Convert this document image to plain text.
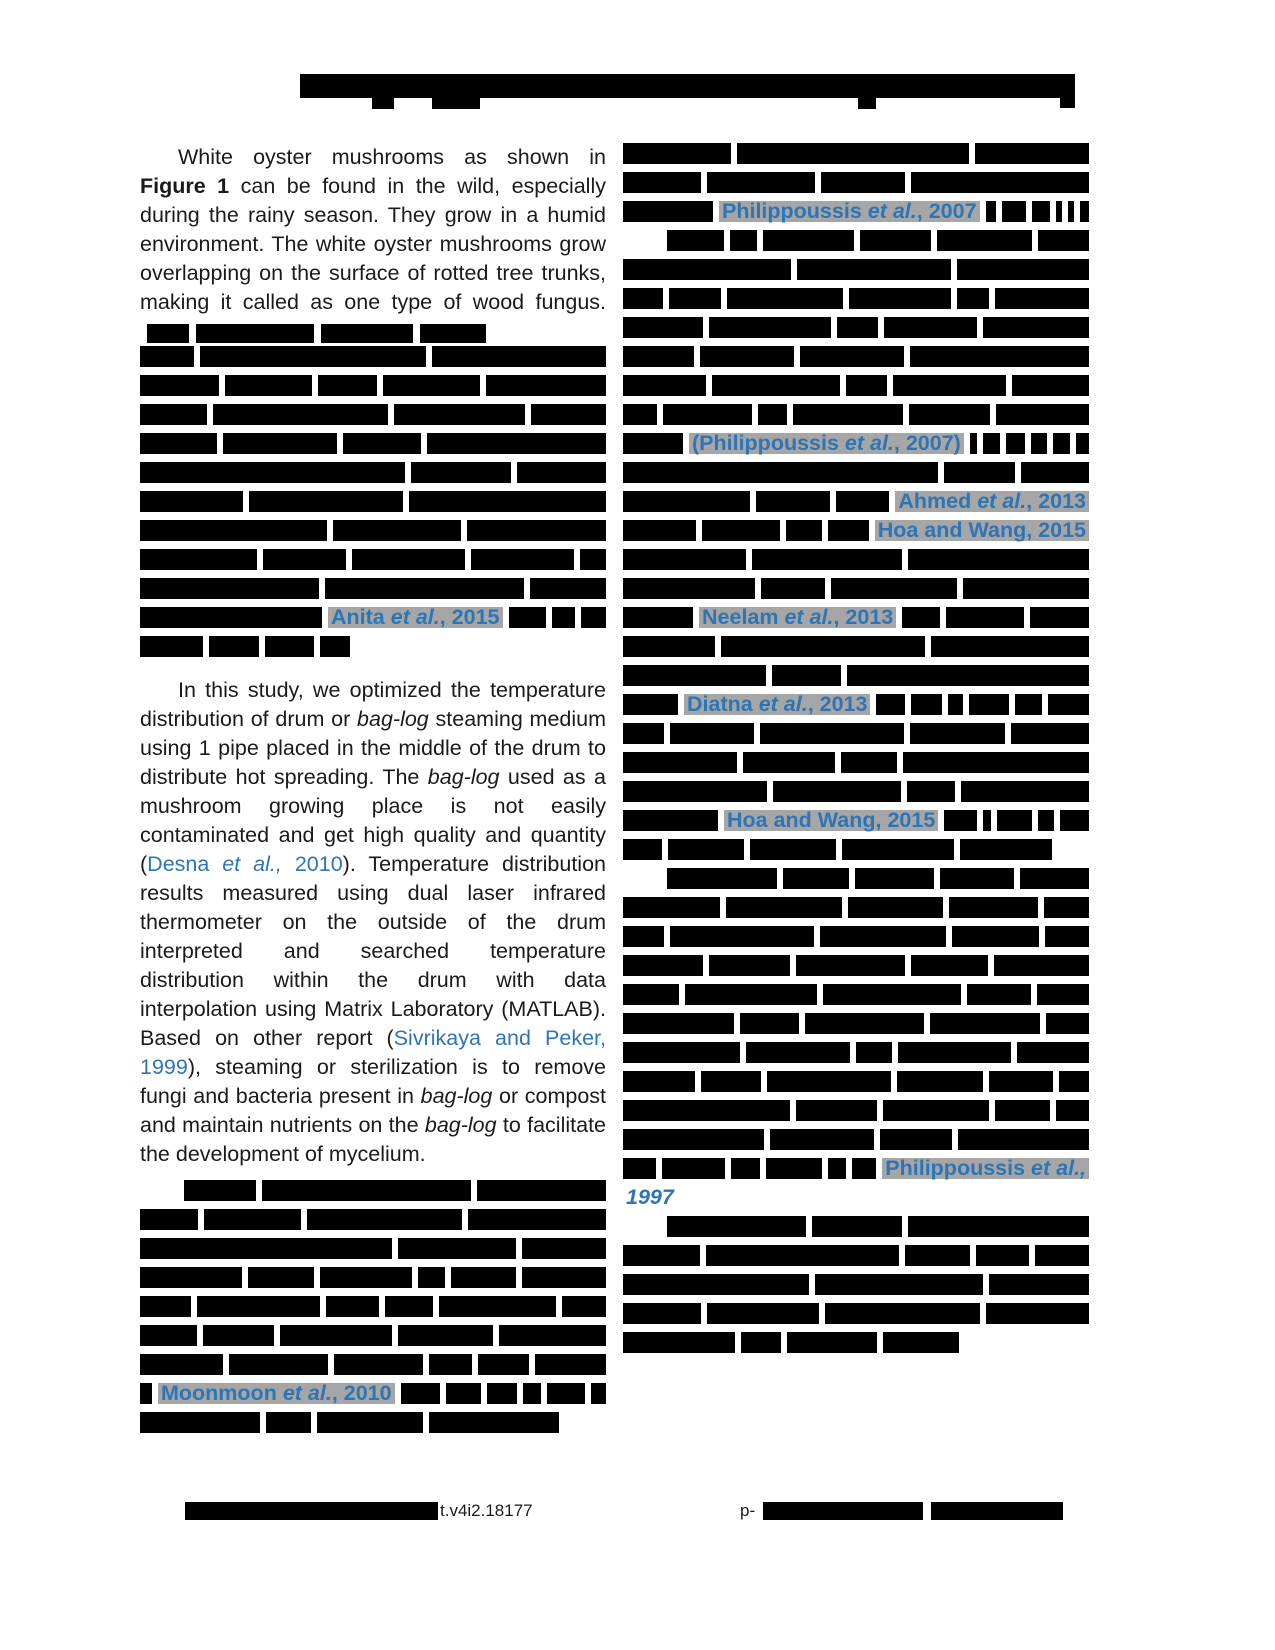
White oyster mushrooms as shown in Figure 1 can be found in the wild, especially during the rainy season. They grow in a humid environment. The white oyster mushrooms grow overlapping on the surface of rotted tree trunks, making it called as one type of wood fungus.

Anita et al., 2015

In this study, we optimized the temperature distribution of drum or bag-log steaming medium using 1 pipe placed in the middle of the drum to distribute hot spreading. The bag-log used as a mushroom growing place is not easily contaminated and get high quality and quantity (Desna et al., 2010). Temperature distribution results measured using dual laser infrared thermometer on the outside of the drum interpreted and searched temperature distribution within the drum with data interpolation using Matrix Laboratory (MATLAB). Based on other report (Sivrikaya and Peker, 1999), steaming or sterilization is to remove fungi and bacteria present in bag-log or compost and maintain nutrients on the bag-log to facilitate the development of mycelium.

Moonmoon et al., 2010
Philippoussis et al., 2007
(Philippoussis et al., 2007)
Ahmed et al., 2013
Hoa and Wang, 2015
Neelam et al., 2013
Diatna et al., 2013
Hoa and Wang, 2015
Philippoussis et al.,
1997
t.v4i2.18177	p-
